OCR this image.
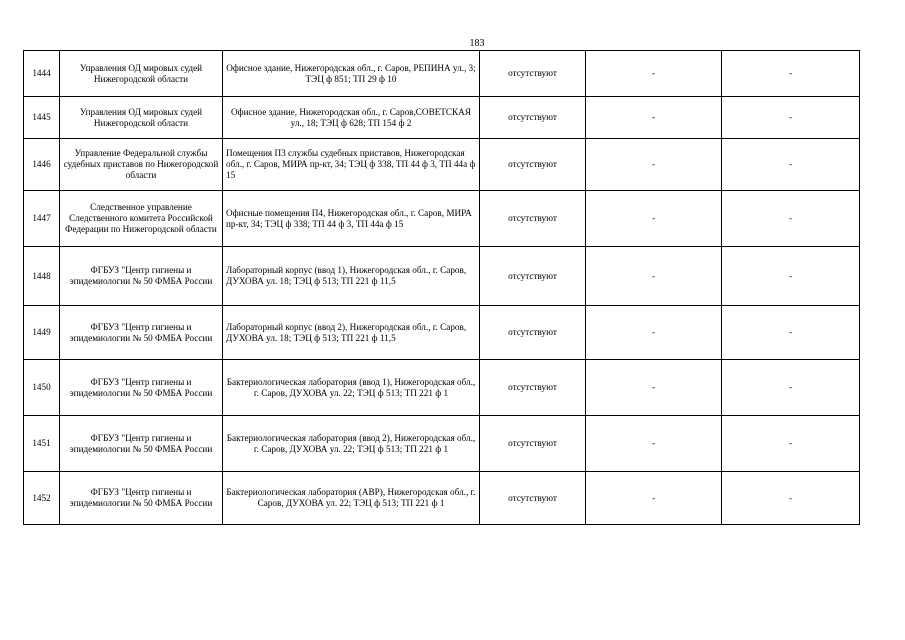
183
1444	Управления ОД мировых судей Нижегородской области	Офисное здание, Нижегородская обл., г. Саров, РЕПИНА ул., 3; ТЭЦ ф 851; ТП 29 ф 10	отсутствуют	-	-
1445	Управления ОД мировых судей Нижегородской области	Офисное здание, Нижегородская обл., г. Саров,СОВЕТСКАЯ ул., 18; ТЭЦ ф 628; ТП 154 ф 2	отсутствуют	-	-
1446	Управление Федеральной службы судебных приставов по Нижегородской области	Помещения П3 службы судебных приставов, Нижегородская обл., г. Саров, МИРА пр-кт, 34; ТЭЦ ф 338, ТП 44 ф 3, ТП 44а ф 15	отсутствуют	-	-
1447	Следственное управление Следственного комитета Российской Федерации по Нижегородской области	Офисные помещения П4, Нижегородская обл., г. Саров, МИРА пр-кт, 34; ТЭЦ ф 338; ТП 44 ф 3, ТП 44а ф 15	отсутствуют	-	-
1448	ФГБУЗ "Центр гигиены и эпидемиологии № 50 ФМБА России	Лабораторный корпус (ввод 1), Нижегородская обл., г. Саров, ДУХОВА ул. 18; ТЭЦ ф 513; ТП 221 ф 11,5	отсутствуют	-	-
1449	ФГБУЗ "Центр гигиены и эпидемиологии № 50 ФМБА России	Лабораторный корпус (ввод 2), Нижегородская обл., г. Саров, ДУХОВА ул. 18; ТЭЦ ф 513; ТП 221 ф 11,5	отсутствуют	-	-
1450	ФГБУЗ "Центр гигиены и эпидемиологии № 50 ФМБА России	Бактериологическая лаборатория (ввод 1), Нижегородская обл., г. Саров, ДУХОВА ул. 22; ТЭЦ ф 513; ТП 221 ф 1	отсутствуют	-	-
1451	ФГБУЗ "Центр гигиены и эпидемиологии № 50 ФМБА России	Бактериологическая лаборатория (ввод 2), Нижегородская обл., г. Саров, ДУХОВА ул. 22; ТЭЦ ф 513; ТП 221 ф 1	отсутствуют	-	-
1452	ФГБУЗ "Центр гигиены и эпидемиологии № 50 ФМБА России	Бактериологическая лаборатория (АВР), Нижегородская обл., г. Саров, ДУХОВА ул. 22; ТЭЦ ф 513; ТП 221 ф 1	отсутствуют	-	-
